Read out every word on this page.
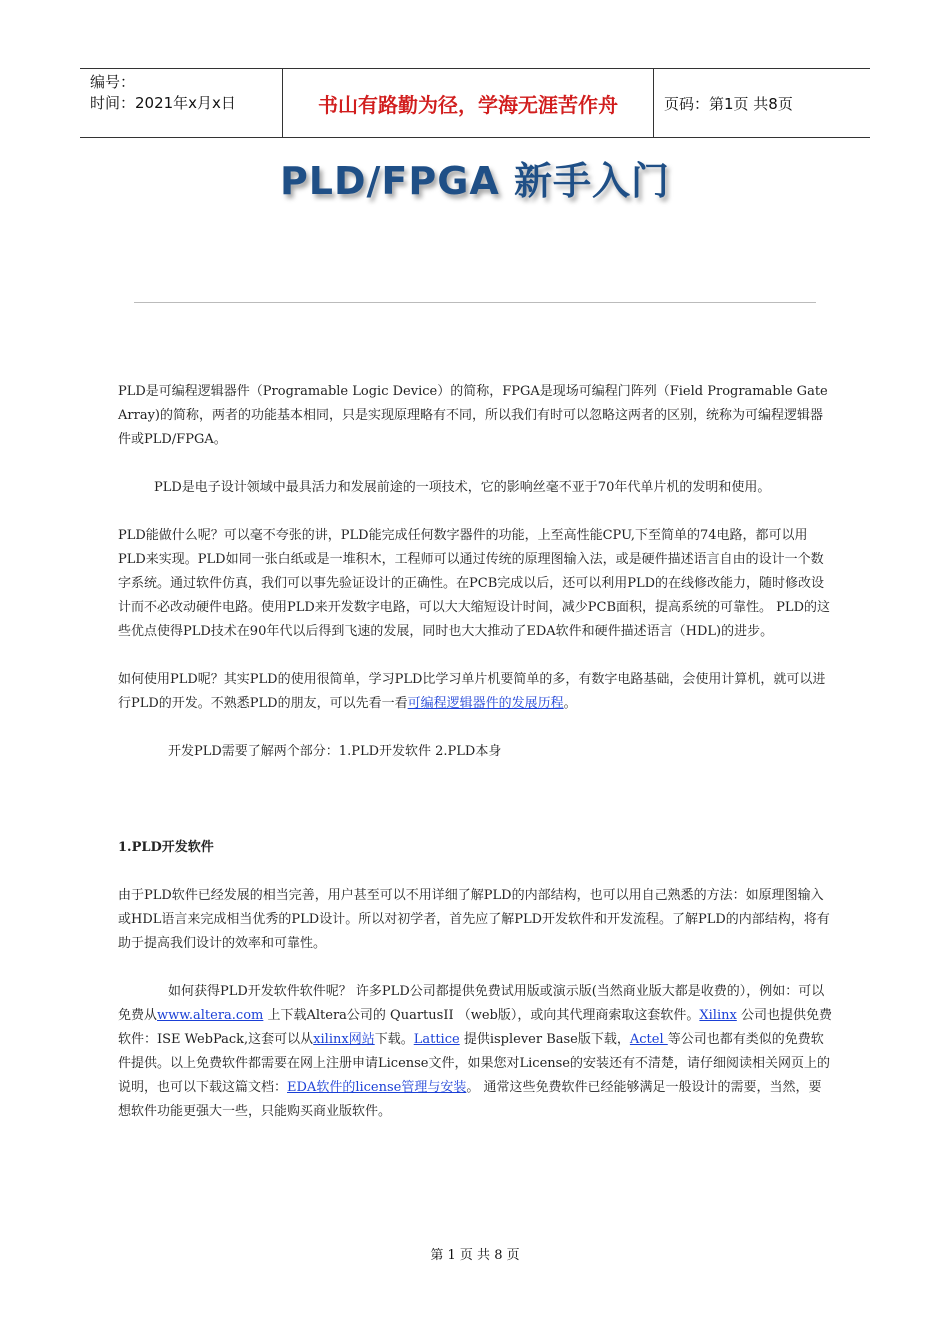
编号：
时间：2021年x月x日	书山有路勤为径，学海无涯苦作舟	页码：第1页 共8页
PLD/FPGA 新手入门

PLD是可编程逻辑器件（Programable Logic Device）的简称，FPGA是现场可编程门阵列（Field Programable Gate Array)的简称，两者的功能基本相同，只是实现原理略有不同，所以我们有时可以忽略这两者的区别，统称为可编程逻辑器件或PLD/FPGA。

PLD是电子设计领域中最具活力和发展前途的一项技术，它的影响丝毫不亚于70年代单片机的发明和使用。

PLD能做什么呢？可以毫不夸张的讲，PLD能完成任何数字器件的功能，上至高性能CPU,下至简单的74电路，都可以用PLD来实现。PLD如同一张白纸或是一堆积木，工程师可以通过传统的原理图输入法，或是硬件描述语言自由的设计一个数字系统。通过软件仿真，我们可以事先验证设计的正确性。在PCB完成以后，还可以利用PLD的在线修改能力，随时修改设计而不必改动硬件电路。使用PLD来开发数字电路，可以大大缩短设计时间，减少PCB面积，提高系统的可靠性。 PLD的这些优点使得PLD技术在90年代以后得到飞速的发展，同时也大大推动了EDA软件和硬件描述语言（HDL)的进步。

如何使用PLD呢？其实PLD的使用很简单，学习PLD比学习单片机要简单的多，有数字电路基础，会使用计算机，就可以进行PLD的开发。不熟悉PLD的朋友，可以先看一看可编程逻辑器件的发展历程。

开发PLD需要了解两个部分：1.PLD开发软件 2.PLD本身

1.PLD开发软件

由于PLD软件已经发展的相当完善，用户甚至可以不用详细了解PLD的内部结构，也可以用自己熟悉的方法：如原理图输入或HDL语言来完成相当优秀的PLD设计。所以对初学者，首先应了解PLD开发软件和开发流程。了解PLD的内部结构，将有助于提高我们设计的效率和可靠性。

如何获得PLD开发软件软件呢？ 许多PLD公司都提供免费试用版或演示版(当然商业版大都是收费的），例如：可以免费从www.altera.com 上下载Altera公司的 QuartusII （web版），或向其代理商索取这套软件。Xilinx 公司也提供免费软件：ISE WebPack,这套可以从xilinx网站下载。Lattice 提供isplever Base版下载，Actel 等公司也都有类似的免费软件提供。以上免费软件都需要在网上注册申请License文件，如果您对License的安装还有不清楚，请仔细阅读相关网页上的说明，也可以下载这篇文档：EDA软件的license管理与安装。 通常这些免费软件已经能够满足一般设计的需要，当然，要想软件功能更强大一些，只能购买商业版软件。

第 1 页 共 8 页
